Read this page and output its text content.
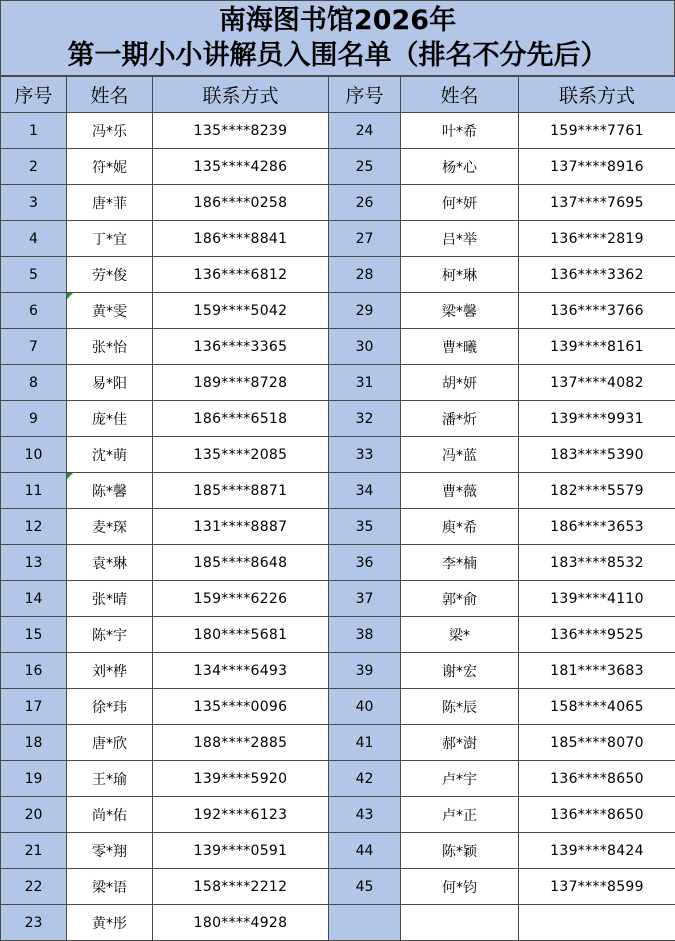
南海图书馆2026年
第一期小小讲解员入围名单（排名不分先后）
序号	姓名	联系方式	序号	姓名	联系方式
1	冯*乐	135****8239	24	叶*希	159****7761
2	符*妮	135****4286	25	杨*心	137****8916
3	唐*菲	186****0258	26	何*妍	137****7695
4	丁*宜	186****8841	27	吕*举	136****2819
5	劳*俊	136****6812	28	柯*琳	136****3362
6	黄*雯	159****5042	29	梁*馨	136****3766
7	张*怡	136****3365	30	曹*曦	139****8161
8	易*阳	189****8728	31	胡*妍	137****4082
9	庞*佳	186****6518	32	潘*炘	139****9931
10	沈*萌	135****2085	33	冯*蓝	183****5390
11	陈*馨	185****8871	34	曹*薇	182****5579
12	麦*琛	131****8887	35	庾*希	186****3653
13	袁*琳	185****8648	36	李*楠	183****8532
14	张*晴	159****6226	37	郭*俞	139****4110
15	陈*宇	180****5681	38	梁*	136****9525
16	刘*桦	134****6493	39	谢*宏	181****3683
17	徐*玮	135****0096	40	陈*辰	158****4065
18	唐*欣	188****2885	41	郝*澍	185****8070
19	王*瑜	139****5920	42	卢*宇	136****8650
20	尚*佑	192****6123	43	卢*正	136****8650
21	零*翔	139****0591	44	陈*颖	139****8424
22	梁*语	158****2212	45	何*钧	137****8599
23	黄*彤	180****4928			
